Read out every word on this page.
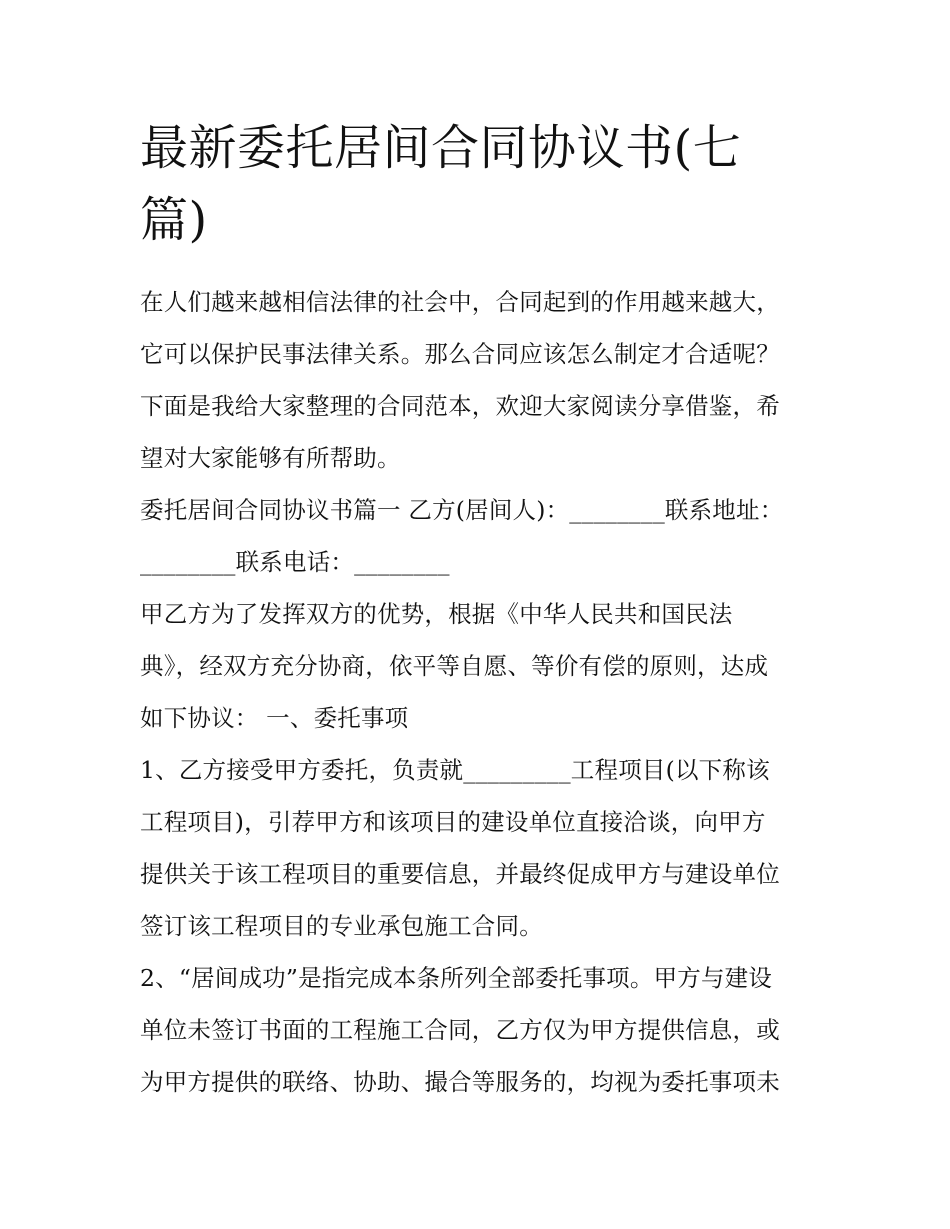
最新委托居间合同协议书(七
篇)
在人们越来越相信法律的社会中，合同起到的作用越来越大，
它可以保护民事法律关系。那么合同应该怎么制定才合适呢？
下面是我给大家整理的合同范本，欢迎大家阅读分享借鉴，希
望对大家能够有所帮助。
委托居间合同协议书篇一 乙方(居间人)：________联系地址：
________联系电话：________
甲乙方为了发挥双方的优势，根据《中华人民共和国民法
典》，经双方充分协商，依平等自愿、等价有偿的原则，达成
如下协议： 一、委托事项
1、乙方接受甲方委托，负责就_________工程项目(以下称该
工程项目)，引荐甲方和该项目的建设单位直接洽谈，向甲方
提供关于该工程项目的重要信息，并最终促成甲方与建设单位
签订该工程项目的专业承包施工合同。
2、“居间成功”是指完成本条所列全部委托事项。甲方与建设
单位未签订书面的工程施工合同，乙方仅为甲方提供信息，或
为甲方提供的联络、协助、撮合等服务的，均视为委托事项未
